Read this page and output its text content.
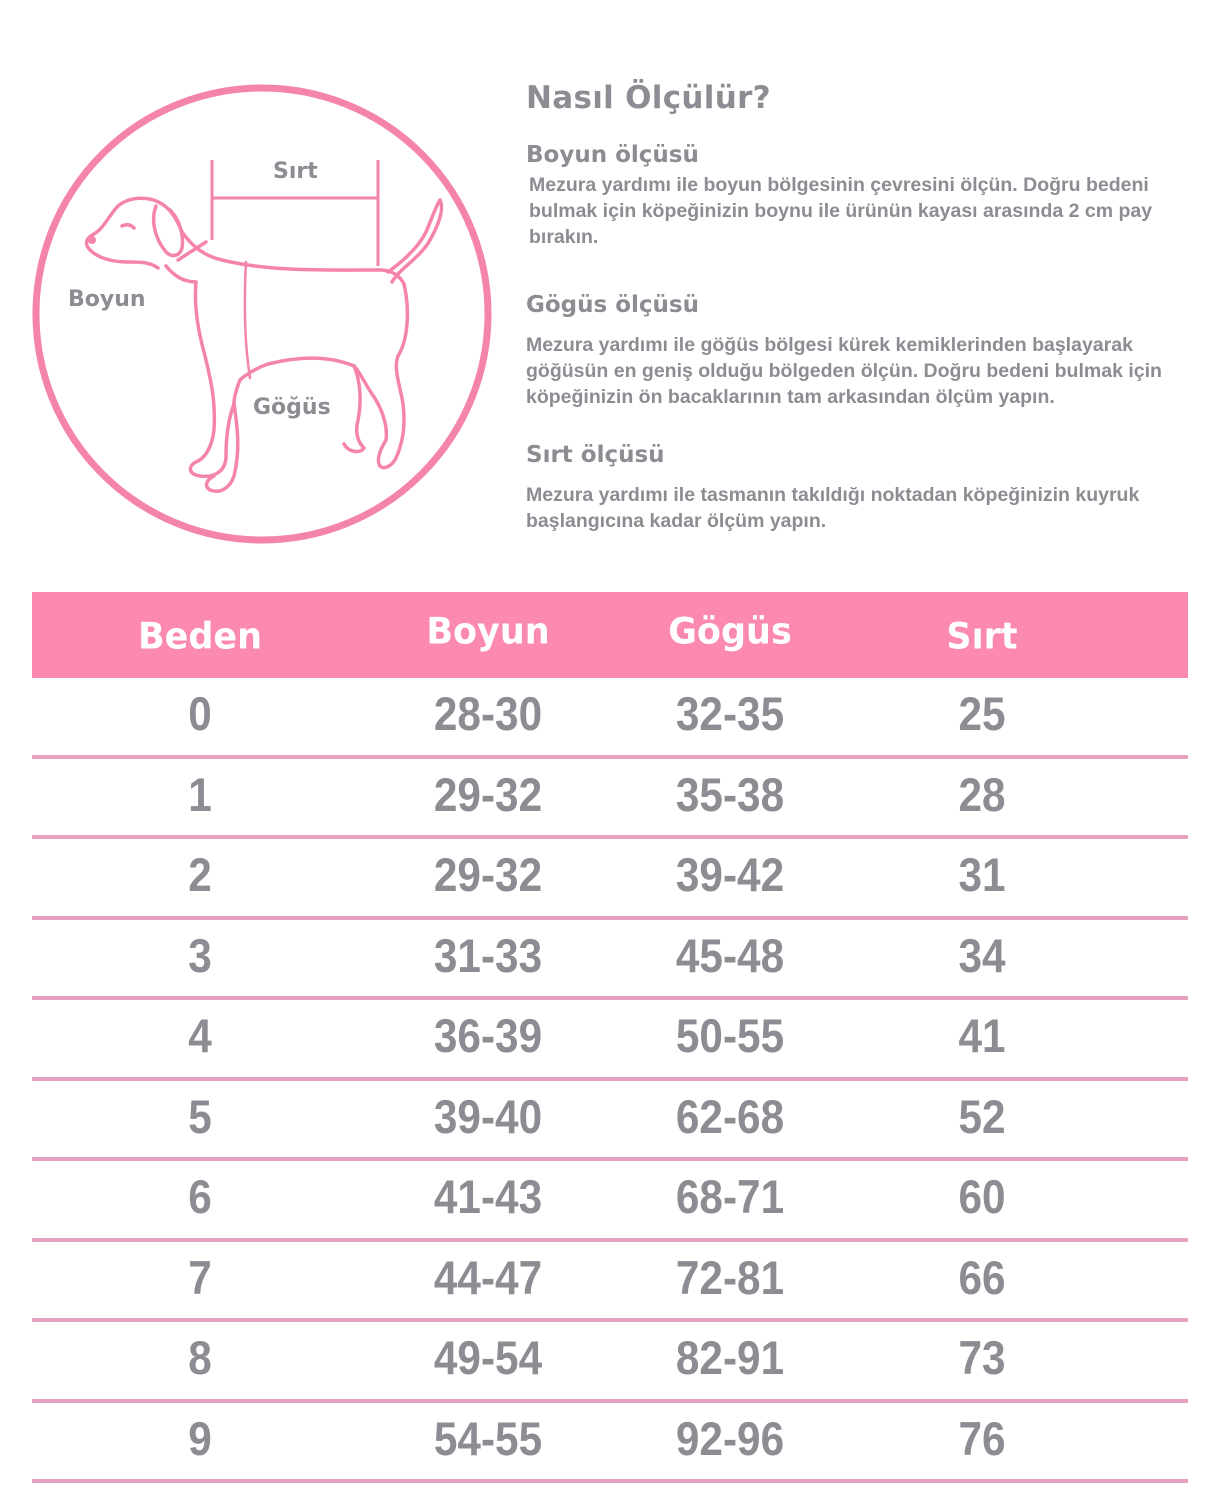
Sırt
Boyun
Göğüs
Nasıl Ölçülür?
Boyun ölçüsü

Mezura yardımı ile boyun bölgesinin çevresini ölçün. Doğru bedeni bulmak için köpeğinizin boynu ile ürünün kayası arasında 2 cm pay bırakın.

Gögüs ölçüsü

Mezura yardımı ile göğüs bölgesi kürek kemiklerinden başlayarak göğüsün en geniş olduğu bölgeden ölçün. Doğru bedeni bulmak için köpeğinizin ön bacaklarının tam arkasından ölçüm yapın.

Sırt ölçüsü

Mezura yardımı ile tasmanın takıldığı noktadan köpeğinizin kuyruk başlangıcına kadar ölçüm yapın.

Beden	Boyun	Gögüs	Sırt
0	28-30	32-35	25
1	29-32	35-38	28
2	29-32	39-42	31
3	31-33	45-48	34
4	36-39	50-55	41
5	39-40	62-68	52
6	41-43	68-71	60
7	44-47	72-81	66
8	49-54	82-91	73
9	54-55	92-96	76
